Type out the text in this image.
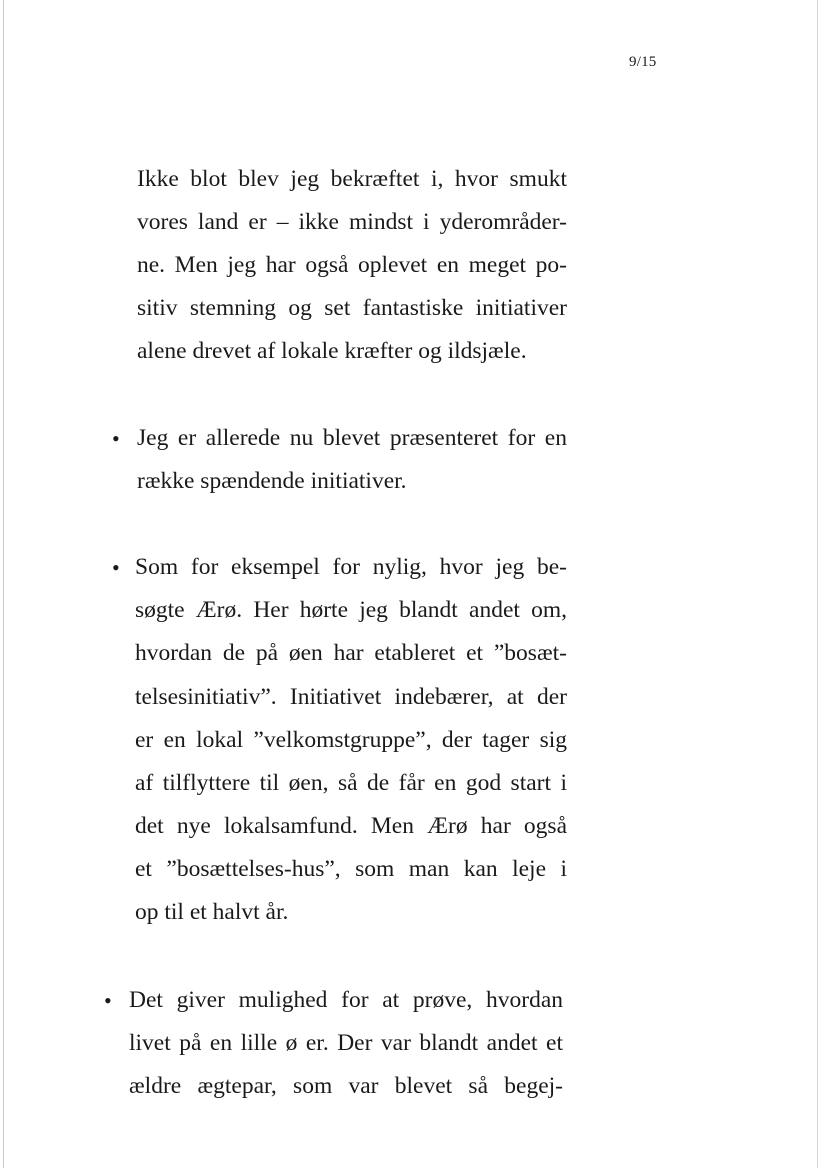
9/15
Ikke blot blev jeg bekræftet i, hvor smukt
vores land er – ikke mindst i yderområder-
ne. Men jeg har også oplevet en meget po-
sitiv stemning og set fantastiske initiativer
alene drevet af lokale kræfter og ildsjæle.
• Jeg er allerede nu blevet præsenteret for en
række spændende initiativer.
• Som for eksempel for nylig, hvor jeg be-
søgte Ærø. Her hørte jeg blandt andet om,
hvordan de på øen har etableret et ”bosæt-
telsesinitiativ”. Initiativet indebærer, at der
er en lokal ”velkomstgruppe”, der tager sig
af tilflyttere til øen, så de får en god start i
det nye lokalsamfund. Men Ærø har også
et ”bosættelses-hus”, som man kan leje i
op til et halvt år.
• Det giver mulighed for at prøve, hvordan
livet på en lille ø er. Der var blandt andet et
ældre ægtepar, som var blevet så begej-
